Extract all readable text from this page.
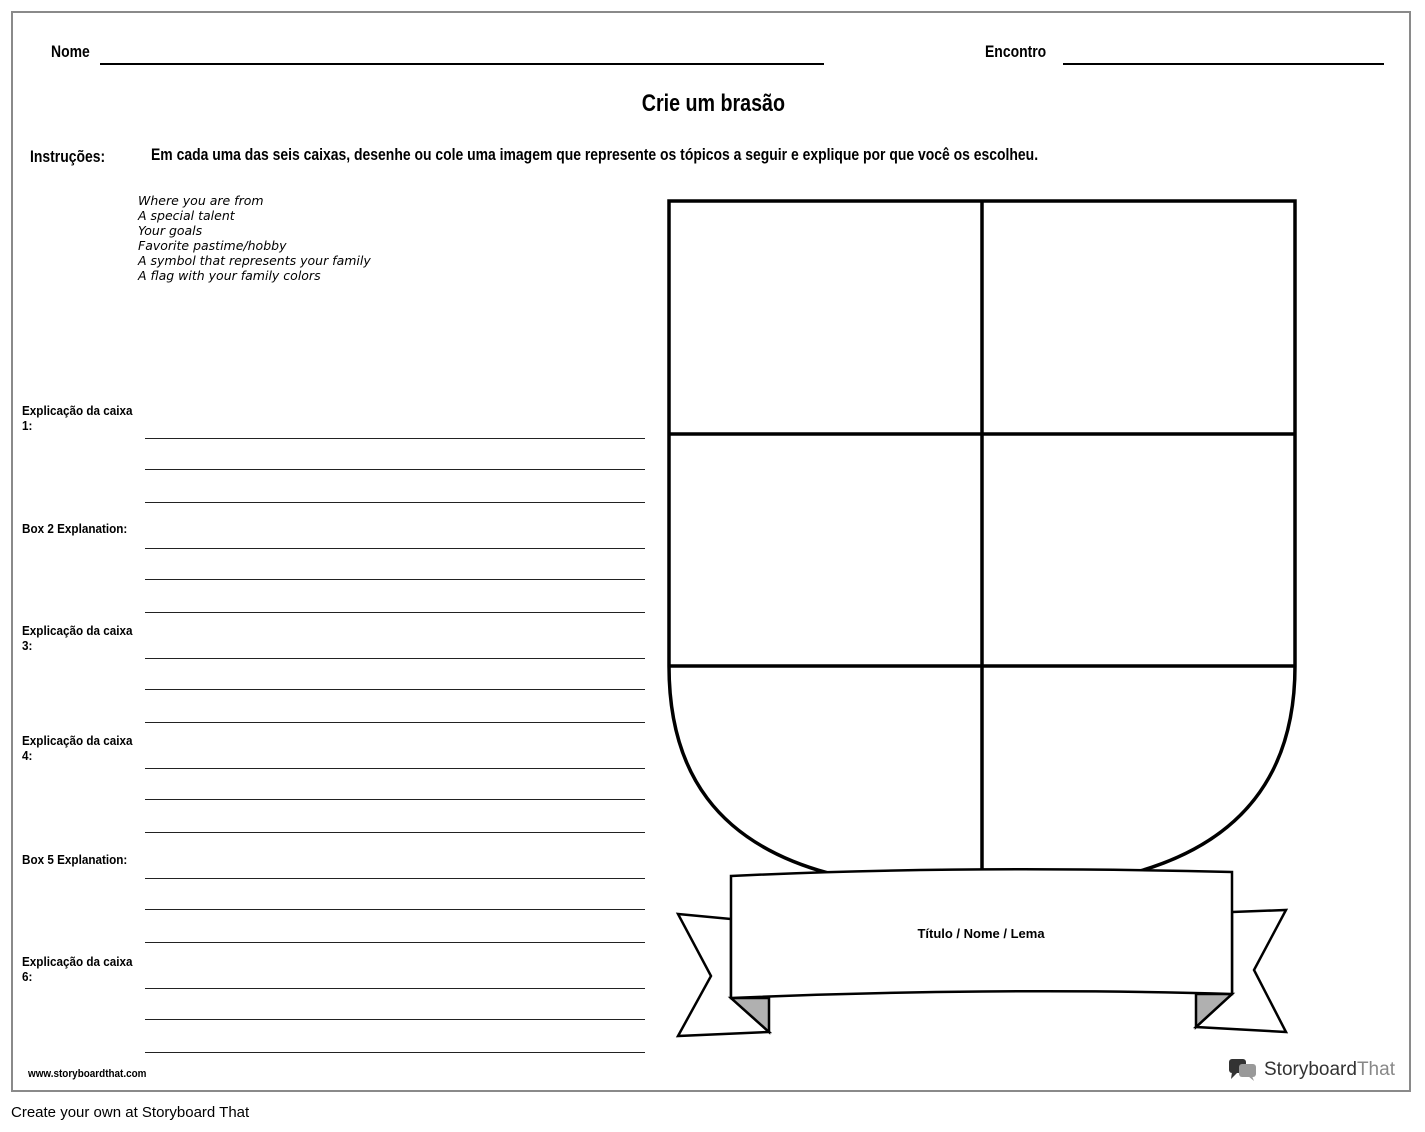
Nome	Encontro
Crie um brasão
Instruções:	Em cada uma das seis caixas, desenhe ou cole uma imagem que represente os tópicos a seguir e explique por que você os escolheu.
Where you are from
A special talent
Your goals
Favorite pastime/hobby
A symbol that represents your family
A flag with your family colors
Explicação da caixa 1:
Box 2 Explanation:
Explicação da caixa 3:
Explicação da caixa 4:
Box 5 Explanation:
Explicação da caixa 6:
Título / Nome / Lema
www.storyboardthat.com	StoryboardThat
Create your own at Storyboard That
